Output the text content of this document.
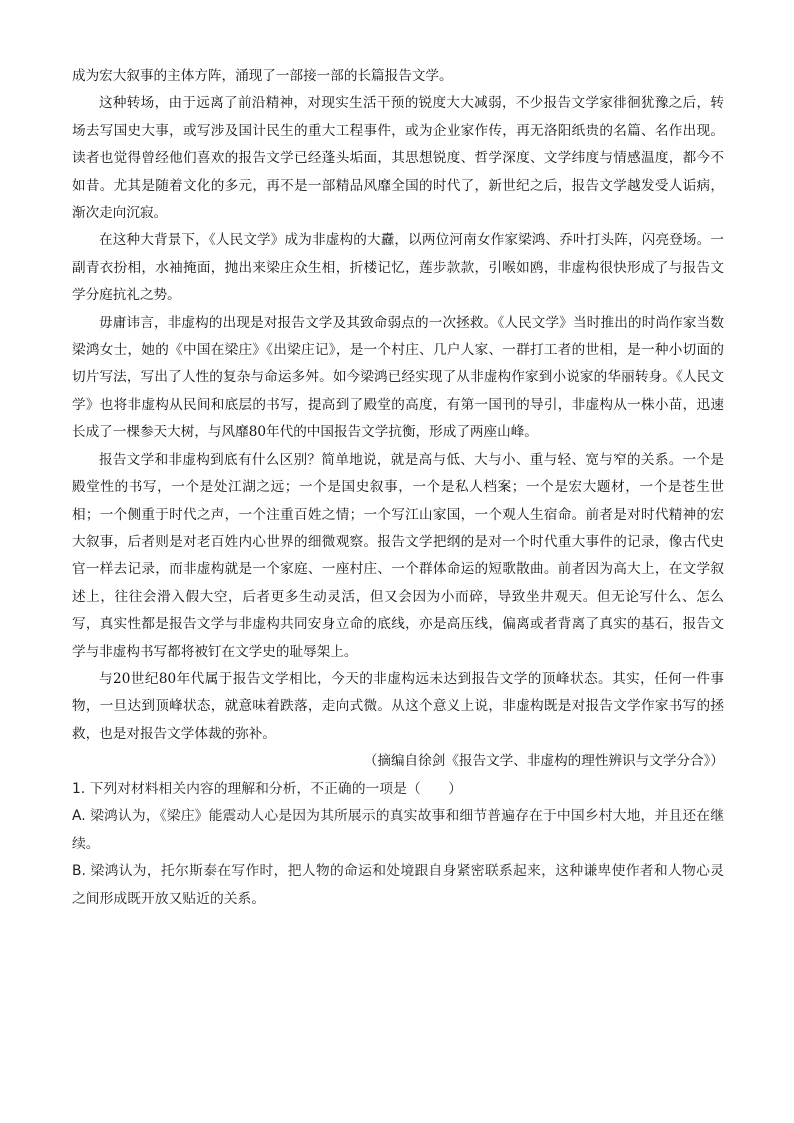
成为宏大叙事的主体方阵，涌现了一部接一部的长篇报告文学。

这种转场，由于远离了前沿精神，对现实生活干预的锐度大大减弱，不少报告文学家徘徊犹豫之后，转场去写国史大事，或写涉及国计民生的重大工程事件，或为企业家作传，再无洛阳纸贵的名篇、名作出现。读者也觉得曾经他们喜欢的报告文学已经蓬头垢面，其思想锐度、哲学深度、文学纬度与情感温度，都今不如昔。尤其是随着文化的多元，再不是一部精品风靡全国的时代了，新世纪之后，报告文学越发受人诟病，渐次走向沉寂。

在这种大背景下，《人民文学》成为非虚构的大纛，以两位河南女作家梁鸿、乔叶打头阵，闪亮登场。一副青衣扮相，水袖掩面，抛出来梁庄众生相，折楼记忆，莲步款款，引喉如鸥，非虚构很快形成了与报告文学分庭抗礼之势。

毋庸讳言，非虚构的出现是对报告文学及其致命弱点的一次拯救。《人民文学》当时推出的时尚作家当数梁鸿女士，她的《中国在梁庄》《出梁庄记》，是一个村庄、几户人家、一群打工者的世相，是一种小切面的切片写法，写出了人性的复杂与命运多舛。如今梁鸿已经实现了从非虚构作家到小说家的华丽转身。《人民文学》也将非虚构从民间和底层的书写，提高到了殿堂的高度，有第一国刊的导引，非虚构从一株小苗，迅速长成了一棵参天大树，与风靡80年代的中国报告文学抗衡，形成了两座山峰。

报告文学和非虚构到底有什么区别？简单地说，就是高与低、大与小、重与轻、宽与窄的关系。一个是殿堂性的书写，一个是处江湖之远；一个是国史叙事，一个是私人档案；一个是宏大题材，一个是苍生世相；一个侧重于时代之声，一个注重百姓之情；一个写江山家国，一个观人生宿命。前者是对时代精神的宏大叙事，后者则是对老百姓内心世界的细微观察。报告文学把纲的是对一个时代重大事件的记录，像古代史官一样去记录，而非虚构就是一个家庭、一座村庄、一个群体命运的短歌散曲。前者因为高大上，在文学叙述上，往往会滑入假大空，后者更多生动灵活，但又会因为小而碎，导致坐井观天。但无论写什么、怎么写，真实性都是报告文学与非虚构共同安身立命的底线，亦是高压线，偏离或者背离了真实的基石，报告文学与非虚构书写都将被钉在文学史的耻辱架上。

与20世纪80年代属于报告文学相比，今天的非虚构远未达到报告文学的顶峰状态。其实，任何一件事物，一旦达到顶峰状态，就意味着跌落，走向式微。从这个意义上说，非虚构既是对报告文学作家书写的拯救，也是对报告文学体裁的弥补。

（摘编自徐剑《报告文学、非虚构的理性辨识与文学分合》）

1. 下列对材料相关内容的理解和分析，不正确的一项是（　　）

A. 梁鸿认为，《梁庄》能震动人心是因为其所展示的真实故事和细节普遍存在于中国乡村大地，并且还在继续。

B. 梁鸿认为，托尔斯泰在写作时，把人物的命运和处境跟自身紧密联系起来，这种谦卑使作者和人物心灵之间形成既开放又贴近的关系。
